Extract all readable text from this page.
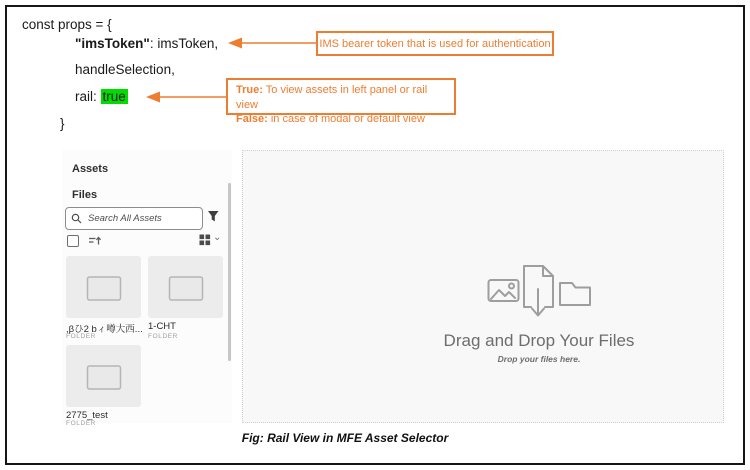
const props = {
"imsToken": imsToken,
handleSelection,
rail: true
}
IMS bearer token that is used for authentication
True: To view assets in left panel or rail view
False: in case of modal or default view
Assets
Files
Search All Assets
⌄
,βひ2 bィ噂大西...
FOLDER
1-CHT
FOLDER
2775_test
FOLDER
Drag and Drop Your Files
Drop your files here.
Fig: Rail View in MFE Asset Selector
